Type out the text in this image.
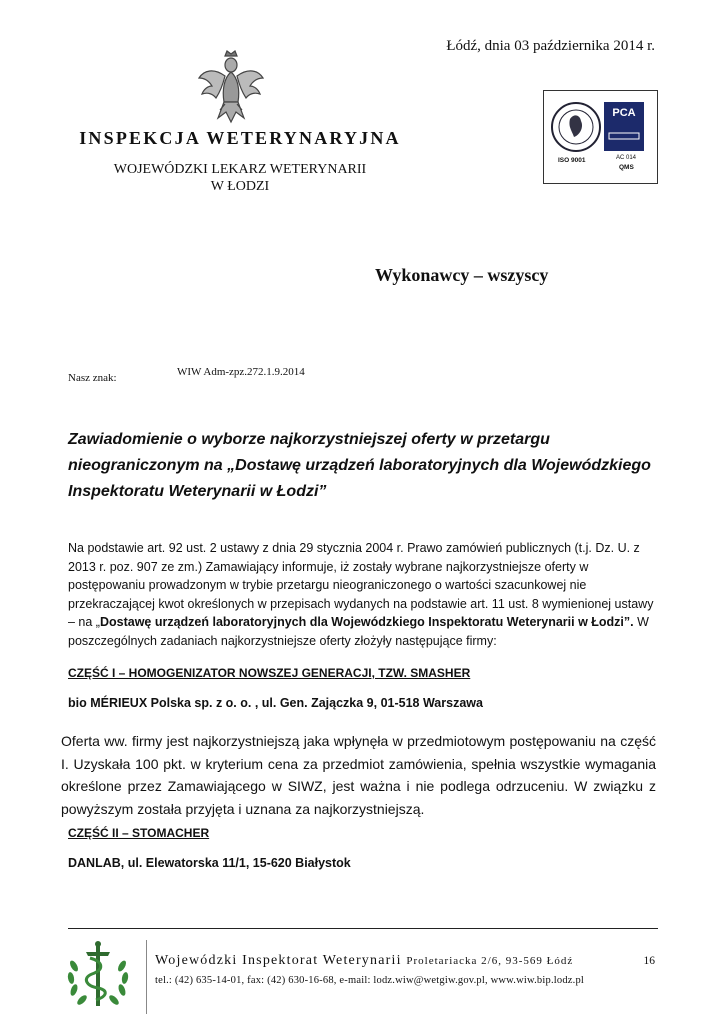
Łódź, dnia 03 października 2014 r.
PCA
ISO 9001	AC 014
QMS
INSPEKCJA WETERYNARYJNA
WOJEWÓDZKI LEKARZ WETERYNARII
W ŁODZI
Wykonawcy – wszyscy
Nasz znak:	WIW Adm-zpz.272.1.9.2014
Zawiadomienie o wyborze najkorzystniejszej oferty w przetargu nieograniczonym na „Dostawę urządzeń laboratoryjnych dla Wojewódzkiego Inspektoratu Weterynarii w Łodzi”
Na podstawie art. 92 ust. 2 ustawy z dnia 29 stycznia 2004 r. Prawo zamówień publicznych (t.j. Dz. U. z 2013 r. poz. 907 ze zm.) Zamawiający informuje, iż zostały wybrane najkorzystniejsze oferty w postępowaniu prowadzonym w trybie przetargu nieograniczonego o wartości szacunkowej nie przekraczającej kwot określonych w przepisach wydanych na podstawie art. 11 ust. 8 wymienionej ustawy – na „Dostawę urządzeń laboratoryjnych dla Wojewódzkiego Inspektoratu Weterynarii w Łodzi”. W poszczególnych zadaniach najkorzystniejsze oferty złożyły następujące firmy:
CZĘŚĆ I – HOMOGENIZATOR NOWSZEJ GENERACJI, TZW. SMASHER
bio MÉRIEUX Polska sp. z o. o. , ul. Gen. Zajączka 9, 01-518 Warszawa
Oferta ww. firmy jest najkorzystniejszą jaka wpłynęła w przedmiotowym postępowaniu na część I. Uzyskała 100 pkt. w kryterium cena za przedmiot zamówienia, spełnia wszystkie wymagania określone przez Zamawiającego w SIWZ, jest ważna i nie podlega odrzuceniu. W związku z powyższym została przyjęta i uznana za najkorzystniejszą.
CZĘŚĆ II – STOMACHER
DANLAB, ul. Elewatorska 11/1, 15-620 Białystok
Wojewódzki Inspektorat Weterynarii Proletariacka 2/6, 93-569 Łódź	16
tel.: (42) 635-14-01, fax: (42) 630-16-68, e-mail: lodz.wiw@wetgiw.gov.pl, www.wiw.bip.lodz.pl
